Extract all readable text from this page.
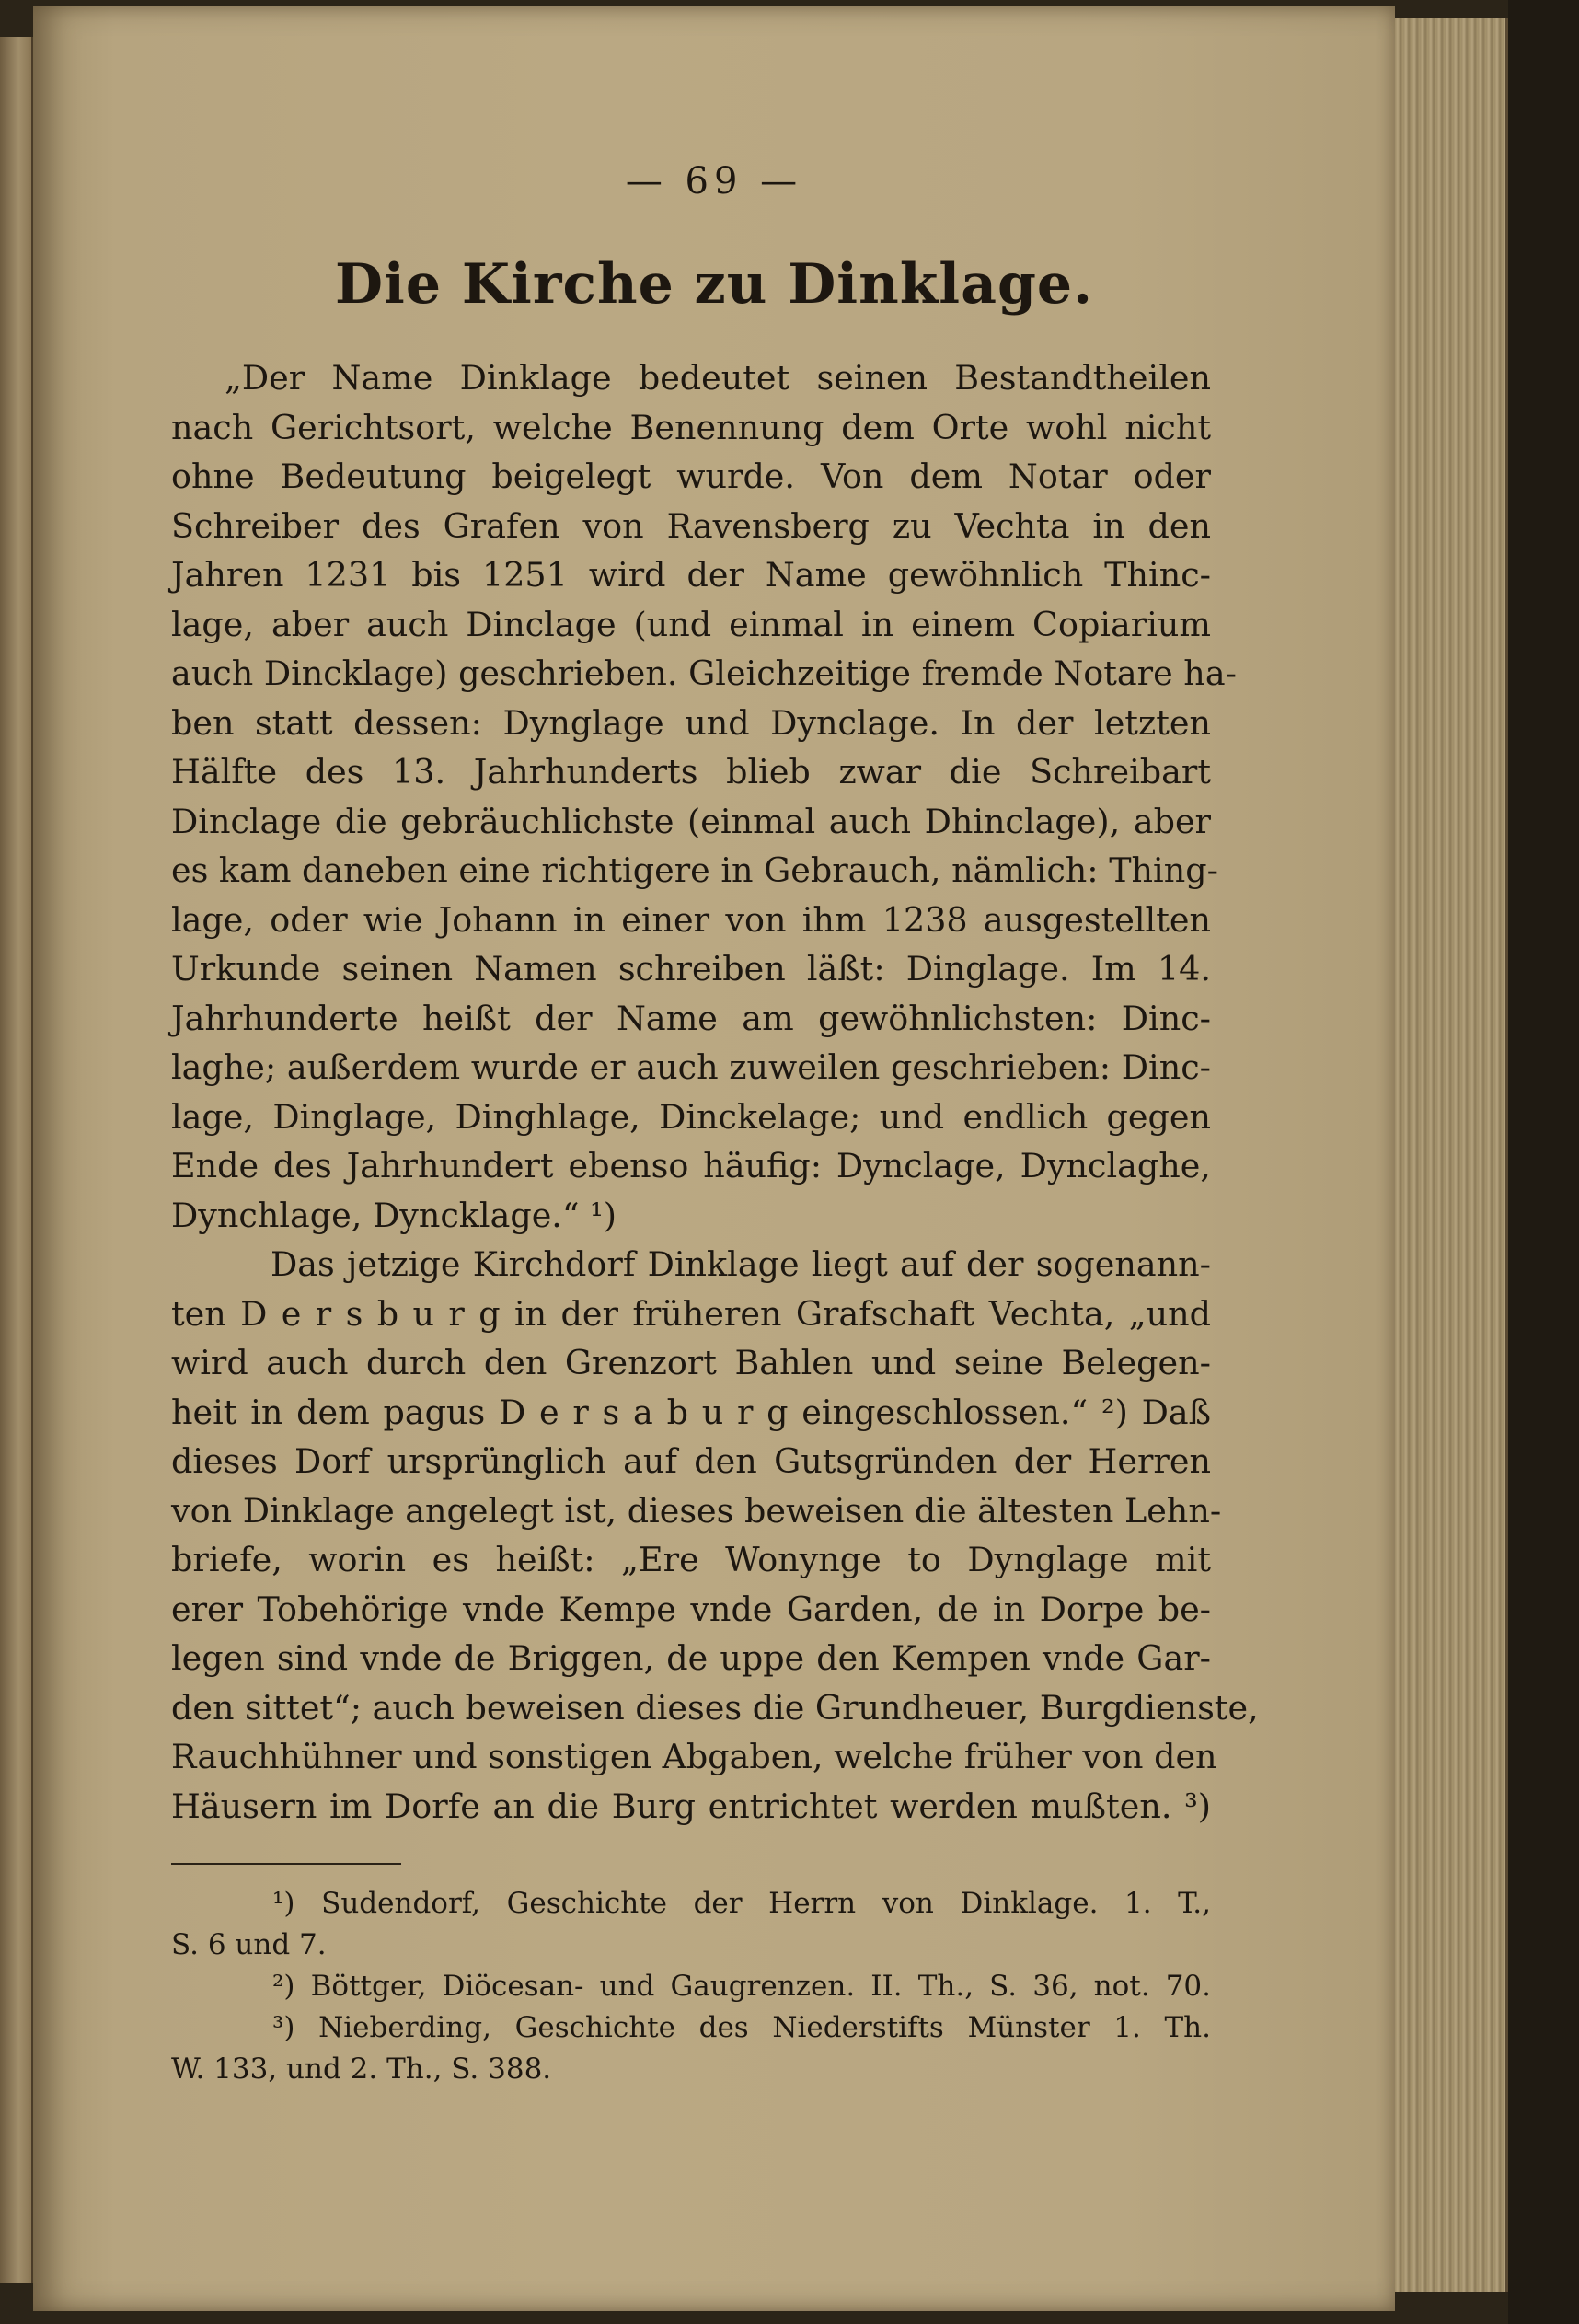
— 69 —

Die Kirche zu Dinklage.
„Der Name Dinklage bedeutet seinen Bestandtheilen
nach Gerichtsort, welche Benennung dem Orte wohl nicht
ohne Bedeutung beigelegt wurde. Von dem Notar oder
Schreiber des Grafen von Ravensberg zu Vechta in den
Jahren 1231 bis 1251 wird der Name gewöhnlich Thinc-
lage, aber auch Dinclage (und einmal in einem Copiarium
auch Dincklage) geschrieben. Gleichzeitige fremde Notare ha-
ben statt dessen: Dynglage und Dynclage. In der letzten
Hälfte des 13. Jahrhunderts blieb zwar die Schreibart
Dinclage die gebräuchlichste (einmal auch Dhinclage), aber
es kam daneben eine richtigere in Gebrauch, nämlich: Thing-
lage, oder wie Johann in einer von ihm 1238 ausgestellten
Urkunde seinen Namen schreiben läßt: Dinglage. Im 14.
Jahrhunderte heißt der Name am gewöhnlichsten: Dinc-
laghe; außerdem wurde er auch zuweilen geschrieben: Dinc-
lage, Dinglage, Dinghlage, Dinckelage; und endlich gegen
Ende des Jahrhundert ebenso häufig: Dynclage, Dynclaghe,
Dynchlage, Dyncklage.“ ¹)
Das jetzige Kirchdorf Dinklage liegt auf der sogenann-
ten D e r s b u r g in der früheren Grafschaft Vechta, „und
wird auch durch den Grenzort Bahlen und seine Belegen-
heit in dem pagus D e r s a b u r g eingeschlossen.“ ²) Daß
dieses Dorf ursprünglich auf den Gutsgründen der Herren
von Dinklage angelegt ist, dieses beweisen die ältesten Lehn-
briefe, worin es heißt: „Ere Wonynge to Dynglage mit
erer Tobehörige vnde Kempe vnde Garden, de in Dorpe be-
legen sind vnde de Briggen, de uppe den Kempen vnde Gar-
den sittet“; auch beweisen dieses die Grundheuer, Burgdienste,
Rauchhühner und sonstigen Abgaben, welche früher von den
Häusern im Dorfe an die Burg entrichtet werden mußten. ³)
¹) Sudendorf, Geschichte der Herrn von Dinklage. 1. T.,
S. 6 und 7.
²) Böttger, Diöcesan- und Gaugrenzen. II. Th., S. 36, not. 70.
³) Nieberding, Geschichte des Niederstifts Münster 1. Th.
W. 133, und 2. Th., S. 388.
